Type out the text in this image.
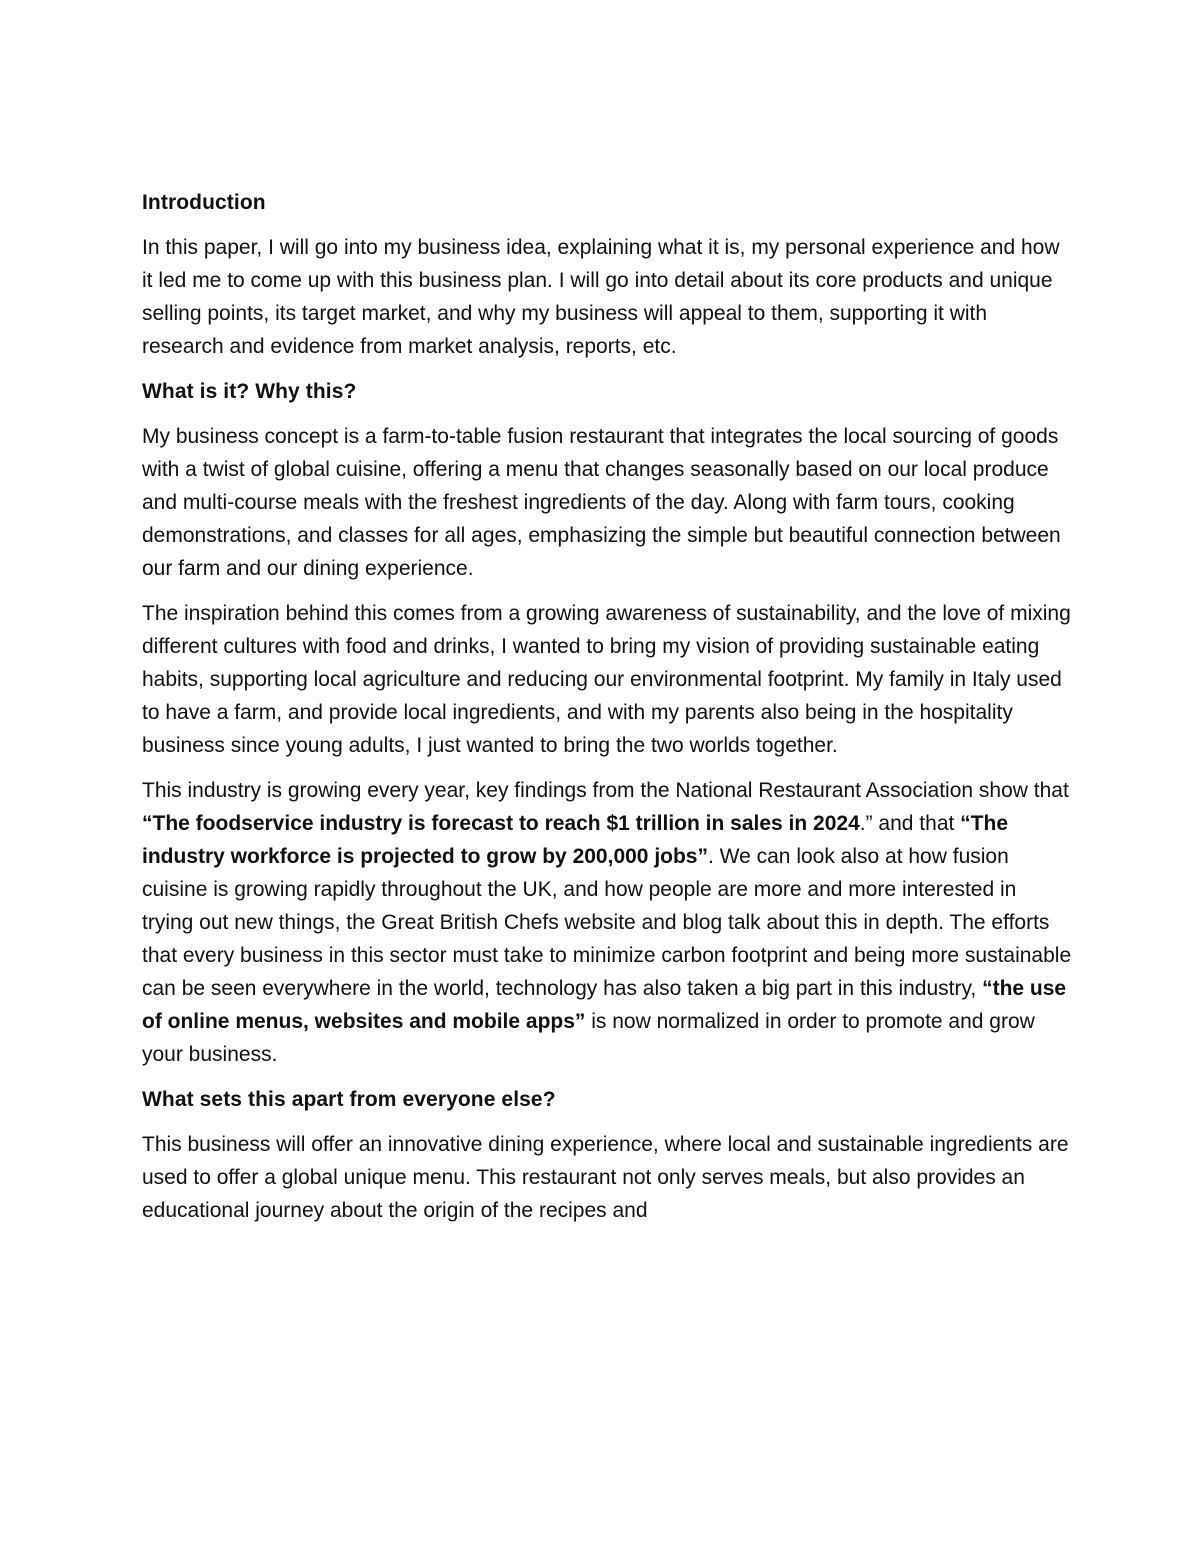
Introduction

In this paper, I will go into my business idea, explaining what it is, my personal experience and how it led me to come up with this business plan. I will go into detail about its core products and unique selling points, its target market, and why my business will appeal to them, supporting it with research and evidence from market analysis, reports, etc.

What is it? Why this?

My business concept is a farm-to-table fusion restaurant that integrates the local sourcing of goods with a twist of global cuisine, offering a menu that changes seasonally based on our local produce and multi-course meals with the freshest ingredients of the day. Along with farm tours, cooking demonstrations, and classes for all ages, emphasizing the simple but beautiful connection between our farm and our dining experience.

The inspiration behind this comes from a growing awareness of sustainability, and the love of mixing different cultures with food and drinks, I wanted to bring my vision of providing sustainable eating habits, supporting local agriculture and reducing our environmental footprint. My family in Italy used to have a farm, and provide local ingredients, and with my parents also being in the hospitality business since young adults, I just wanted to bring the two worlds together.

This industry is growing every year, key findings from the National Restaurant Association show that “The foodservice industry is forecast to reach $1 trillion in sales in 2024.” and that “The industry workforce is projected to grow by 200,000 jobs”. We can look also at how fusion cuisine is growing rapidly throughout the UK, and how people are more and more interested in trying out new things, the Great British Chefs website and blog talk about this in depth. The efforts that every business in this sector must take to minimize carbon footprint and being more sustainable can be seen everywhere in the world, technology has also taken a big part in this industry, “the use of online menus, websites and mobile apps” is now normalized in order to promote and grow your business.

What sets this apart from everyone else?

This business will offer an innovative dining experience, where local and sustainable ingredients are used to offer a global unique menu. This restaurant not only serves meals, but also provides an educational journey about the origin of the recipes and
